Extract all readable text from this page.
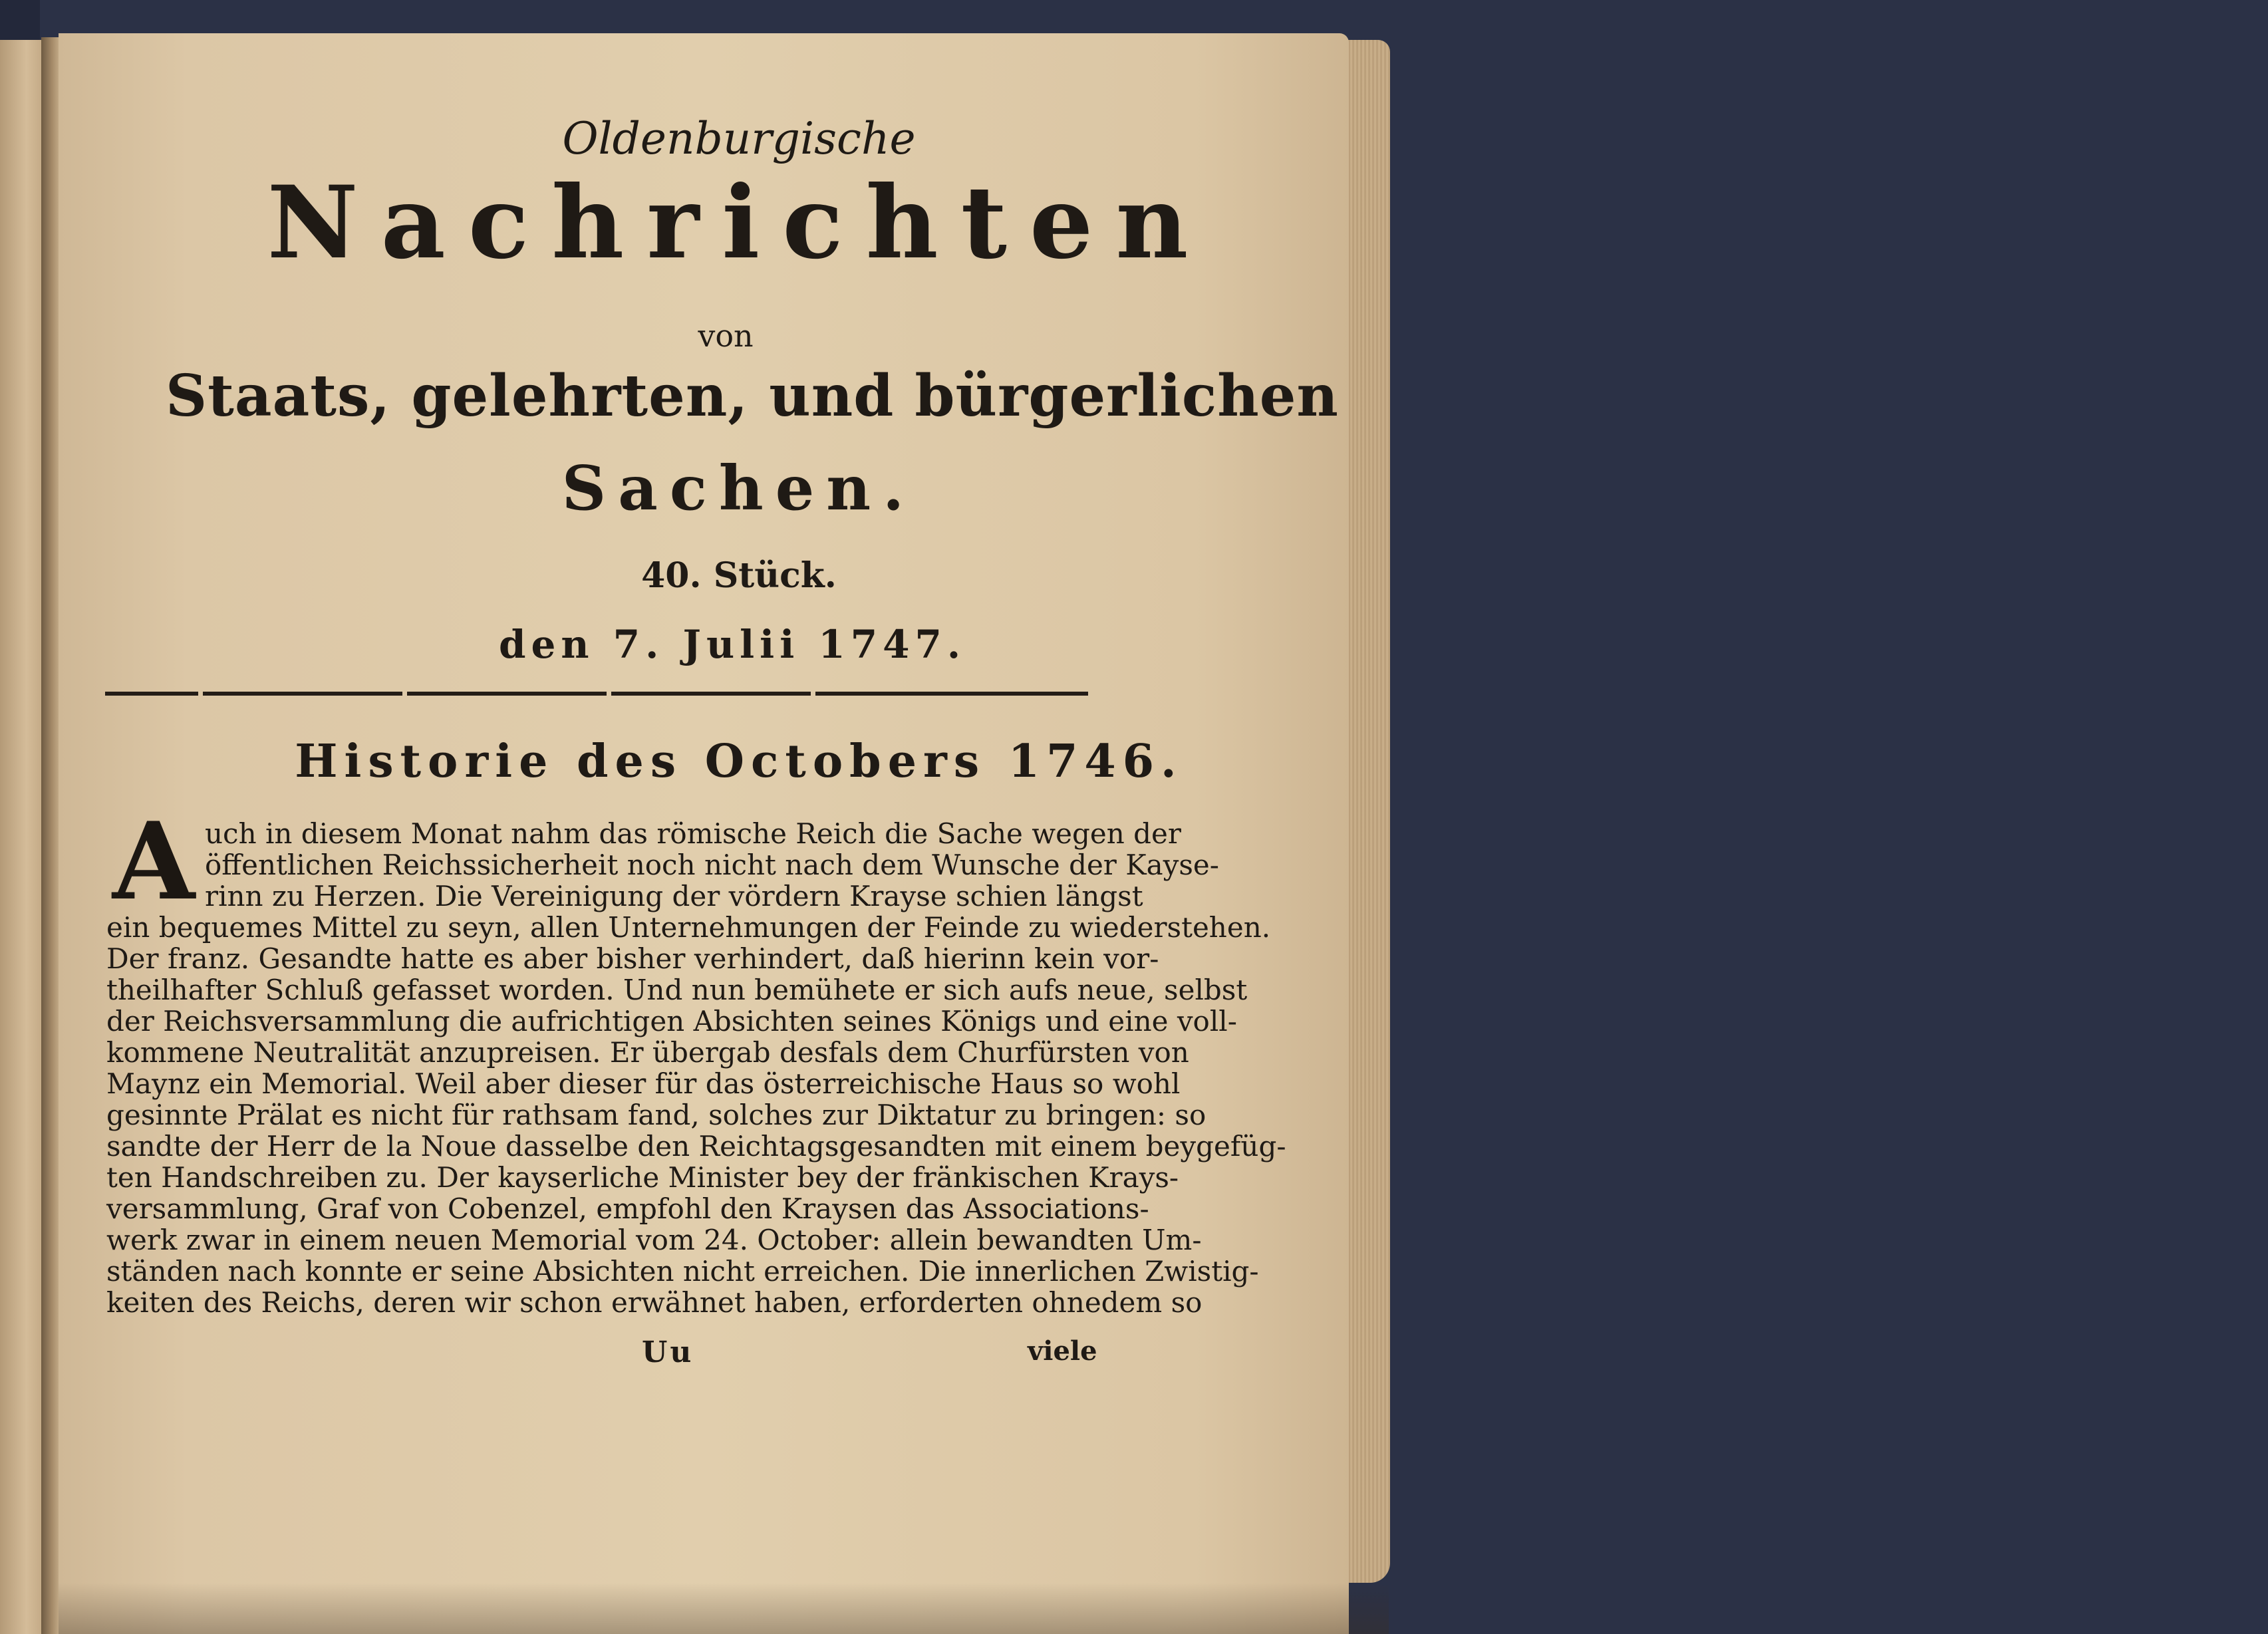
Oldenburgische
Nachrichten
von
Staats, gelehrten, und bürgerlichen
Sachen.
40. Stück.
den 7. Julii 1747.
Historie des Octobers 1746.
A uch in diesem Monat nahm das römische Reich die Sache wegen der
öffentlichen Reichssicherheit noch nicht nach dem Wunsche der Kayse-
rinn zu Herzen. Die Vereinigung der vördern Krayse schien längst
ein bequemes Mittel zu seyn, allen Unternehmungen der Feinde zu wiederstehen.
Der franz. Gesandte hatte es aber bisher verhindert, daß hierinn kein vor-
theilhafter Schluß gefasset worden. Und nun bemühete er sich aufs neue, selbst
der Reichsversammlung die aufrichtigen Absichten seines Königs und eine voll-
kommene Neutralität anzupreisen. Er übergab desfals dem Churfürsten von
Maynz ein Memorial. Weil aber dieser für das österreichische Haus so wohl
gesinnte Prälat es nicht für rathsam fand, solches zur Diktatur zu bringen: so
sandte der Herr de la Noue dasselbe den Reichtagsgesandten mit einem beygefüg-
ten Handschreiben zu. Der kayserliche Minister bey der fränkischen Krays-
versammlung, Graf von Cobenzel, empfohl den Kraysen das Associations-
werk zwar in einem neuen Memorial vom 24. October: allein bewandten Um-
ständen nach konnte er seine Absichten nicht erreichen. Die innerlichen Zwistig-
keiten des Reichs, deren wir schon erwähnet haben, erforderten ohnedem so
Uu	viele
